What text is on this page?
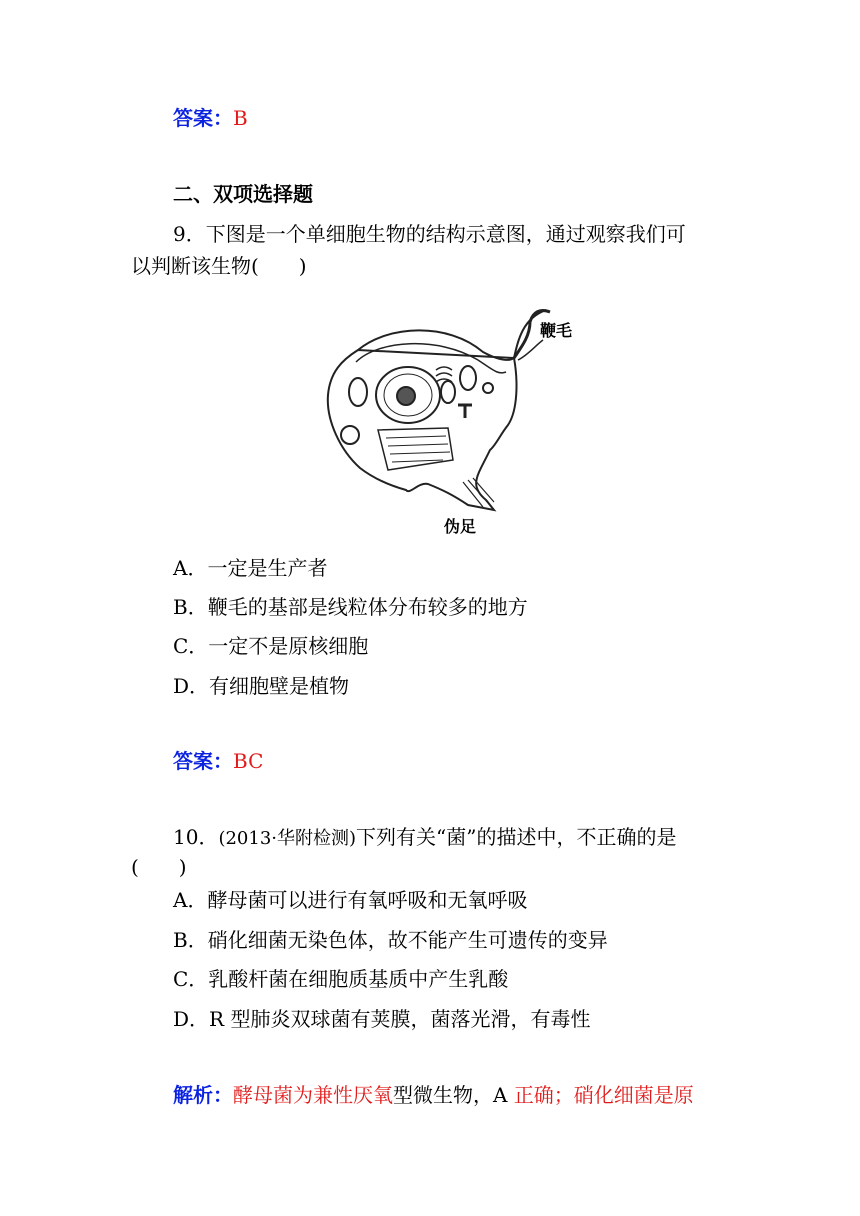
答案：B
二、双项选择题
9．下图是一个单细胞生物的结构示意图，通过观察我们可
以判断该生物(　　)
鞭毛
伪足
A．一定是生产者
B．鞭毛的基部是线粒体分布较多的地方
C．一定不是原核细胞
D．有细胞壁是植物
答案：BC
10．(2013·华附检测)下列有关“菌”的描述中，不正确的是
(　　)
A．酵母菌可以进行有氧呼吸和无氧呼吸
B．硝化细菌无染色体，故不能产生可遗传的变异
C．乳酸杆菌在细胞质基质中产生乳酸
D．R 型肺炎双球菌有荚膜，菌落光滑，有毒性
解析：酵母菌为兼性厌氧型微生物，A 正确；硝化细菌是原
